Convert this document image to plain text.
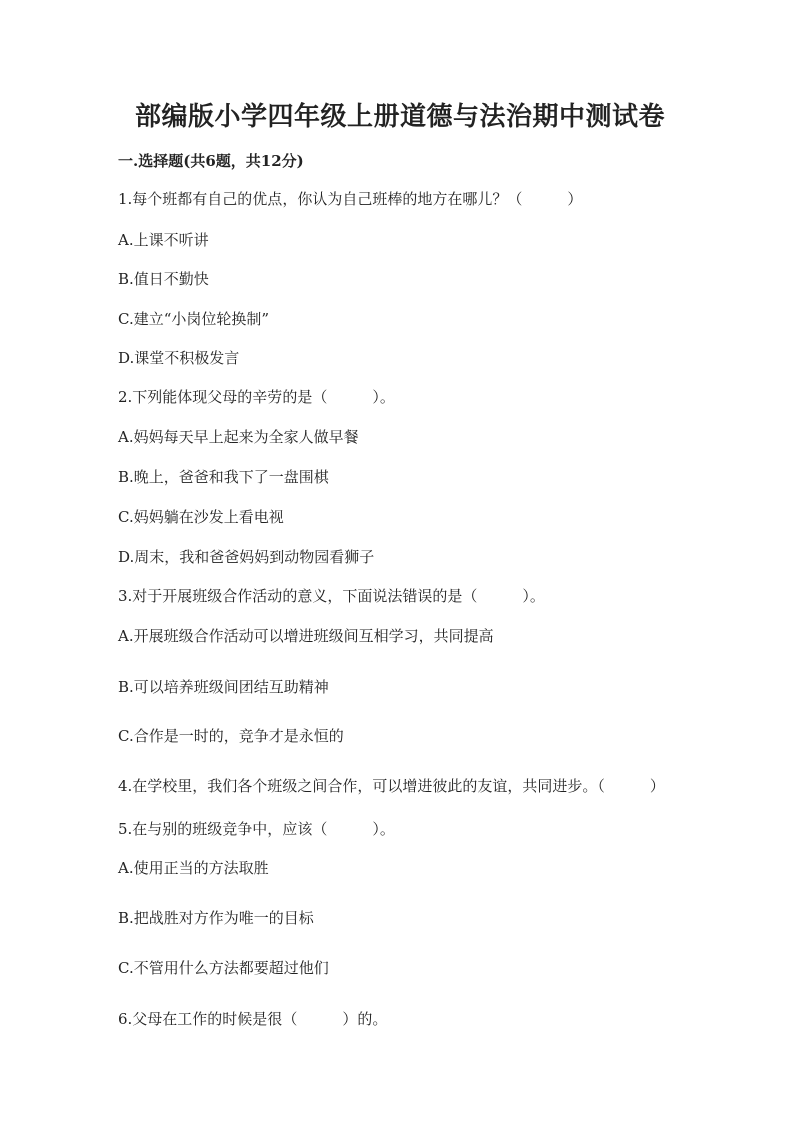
部编版小学四年级上册道德与法治期中测试卷

一.选择题(共6题，共12分)

1.每个班都有自己的优点，你认为自己班棒的地方在哪儿？（　　　）

A.上课不听讲

B.值日不勤快

C.建立“小岗位轮换制”

D.课堂不积极发言

2.下列能体现父母的辛劳的是（　　　）。

A.妈妈每天早上起来为全家人做早餐

B.晚上，爸爸和我下了一盘围棋

C.妈妈躺在沙发上看电视

D.周末，我和爸爸妈妈到动物园看狮子

3.对于开展班级合作活动的意义，下面说法错误的是（　　　）。

A.开展班级合作活动可以增进班级间互相学习，共同提高

B.可以培养班级间团结互助精神

C.合作是一时的，竞争才是永恒的

4.在学校里，我们各个班级之间合作，可以增进彼此的友谊，共同进步。（　　　）

5.在与别的班级竞争中，应该（　　　）。

A.使用正当的方法取胜

B.把战胜对方作为唯一的目标

C.不管用什么方法都要超过他们

6.父母在工作的时候是很（　　　）的。
